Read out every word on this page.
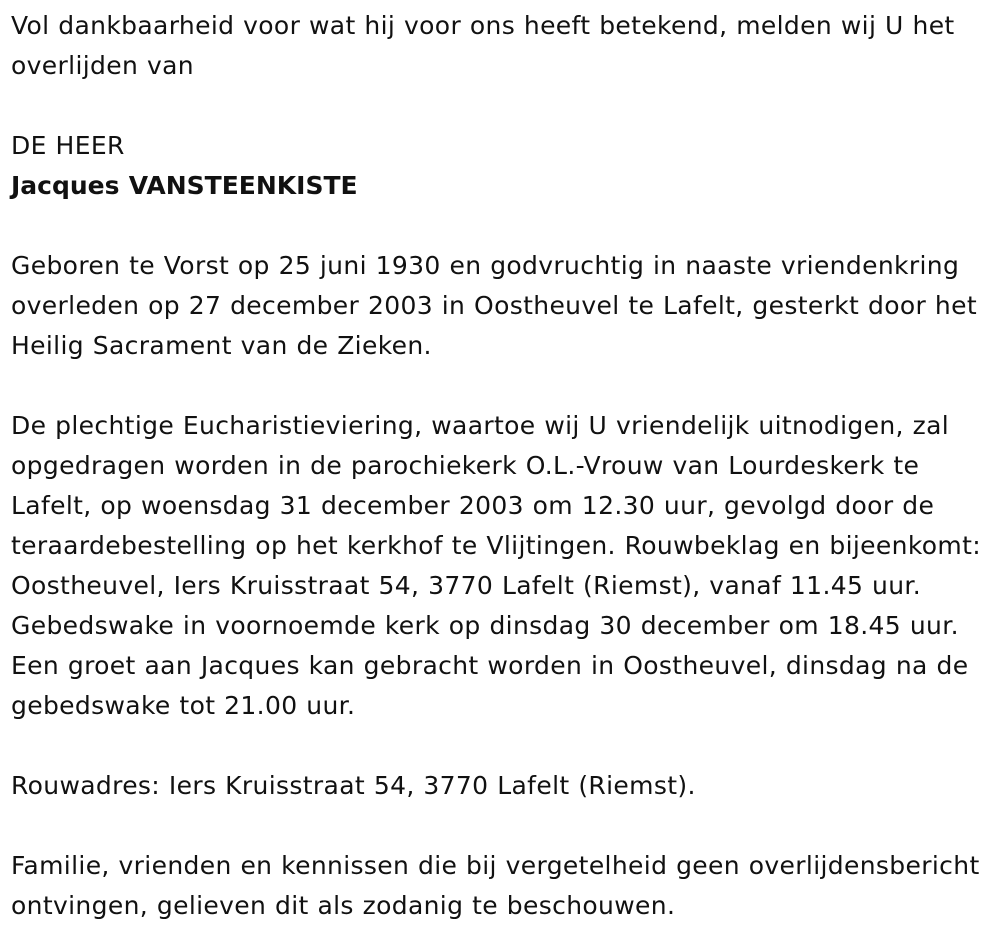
Vol dankbaarheid voor wat hij voor ons heeft betekend, melden wij U het overlijden van

DE HEER

Jacques VANSTEENKISTE

Geboren te Vorst op 25 juni 1930 en godvruchtig in naaste vriendenkring overleden op 27 december 2003 in Oostheuvel te Lafelt, gesterkt door het Heilig Sacrament van de Zieken.

De plechtige Eucharistieviering, waartoe wij U vriendelijk uitnodigen, zal opgedragen worden in de parochiekerk O.L.-Vrouw van Lourdeskerk te Lafelt, op woensdag 31 december 2003 om 12.30 uur, gevolgd door de teraardebestelling op het kerkhof te Vlijtingen. Rouwbeklag en bijeenkomt: Oostheuvel, Iers Kruisstraat 54, 3770 Lafelt (Riemst), vanaf 11.45 uur. Gebedswake in voornoemde kerk op dinsdag 30 december om 18.45 uur. Een groet aan Jacques kan gebracht worden in Oostheuvel, dinsdag na de gebedswake tot 21.00 uur.

Rouwadres: Iers Kruisstraat 54, 3770 Lafelt (Riemst).

Familie, vrienden en kennissen die bij vergetelheid geen overlijdensbericht ontvingen, gelieven dit als zodanig te beschouwen.
